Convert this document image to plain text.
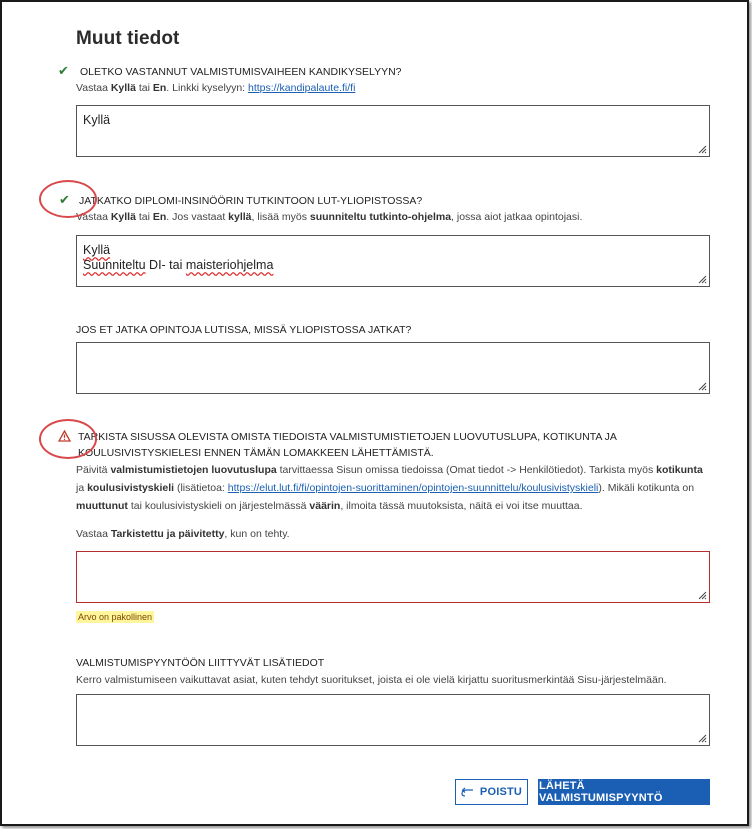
Muut tiedot
✔ OLETKO VASTANNUT VALMISTUMISVAIHEEN KANDIKYSELYYN?
Vastaa Kyllä tai En. Linkki kyselyyn: https://kandipalaute.fi/fi
Kyllä
✔ JATKATKO DIPLOMI-INSINÖÖRIN TUTKINTOON LUT-YLIOPISTOSSA?
Vastaa Kyllä tai En. Jos vastaat kyllä, lisää myös suunniteltu tutkinto-ohjelma, jossa aiot jatkaa opintojasi.
Kyllä
Suunniteltu DI- tai maisteriohjelma
JOS ET JATKA OPINTOJA LUTISSA, MISSÄ YLIOPISTOSSA JATKAT?
TARKISTA SISUSSA OLEVISTA OMISTA TIEDOISTA VALMISTUMISTIETOJEN LUOVUTUSLUPA, KOTIKUNTA JA KOULUSIVISTYSKIELESI ENNEN TÄMÄN LOMAKKEEN LÄHETTÄMISTÄ.
Päivitä valmistumistietojen luovutuslupa tarvittaessa Sisun omissa tiedoissa (Omat tiedot -> Henkilötiedot). Tarkista myös kotikunta ja koulusivistyskieli (lisätietoa: https://elut.lut.fi/fi/opintojen-suorittaminen/opintojen-suunnittelu/koulusivistyskieli). Mikäli kotikunta on muuttunut tai koulusivistyskieli on järjestelmässä väärin, ilmoita tässä muutoksista, näitä ei voi itse muuttaa.
Vastaa Tarkistettu ja päivitetty, kun on tehty.
Arvo on pakollinen
VALMISTUMISPYYNTÖÖN LIITTYVÄT LISÄTIEDOT
Kerro valmistumiseen vaikuttavat asiat, kuten tehdyt suoritukset, joista ei ole vielä kirjattu suoritusmerkintää Sisu-järjestelmään.
POISTU LÄHETÄ VALMISTUMISPYYNTÖ
